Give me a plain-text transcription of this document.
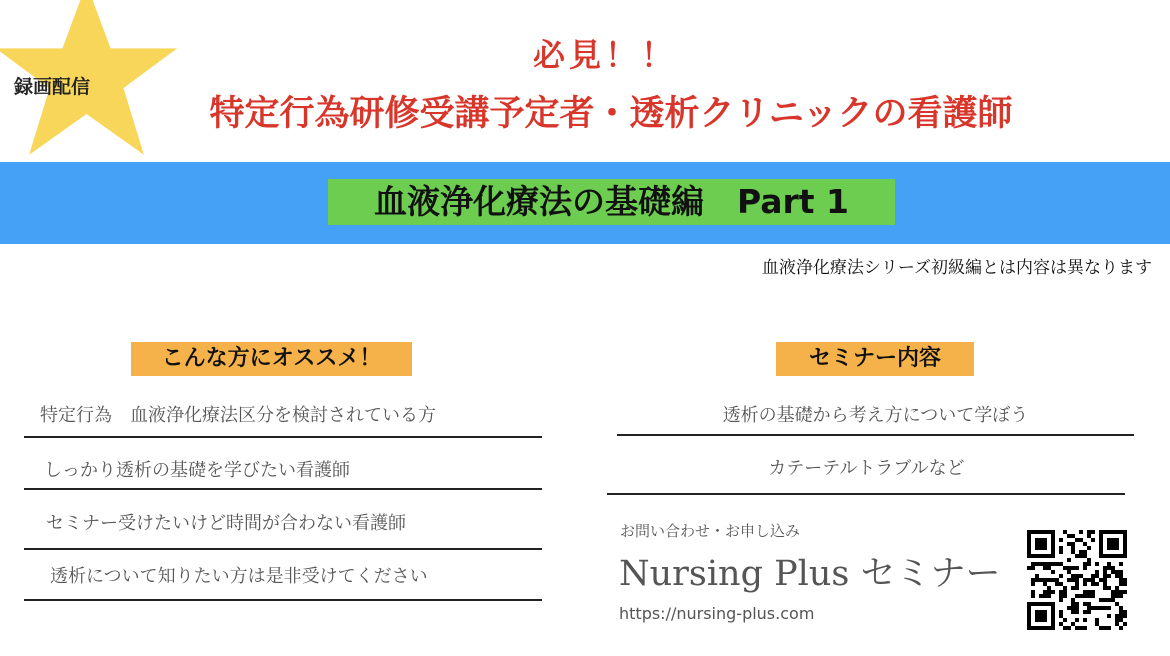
録画配信
必見！！
特定行為研修受講予定者・透析クリニックの看護師
血液浄化療法の基礎編　Part 1
血液浄化療法シリーズ初級編とは内容は異なります
こんな方にオススメ！
特定行為　血液浄化療法区分を検討されている方
しっかり透析の基礎を学びたい看護師
セミナー受けたいけど時間が合わない看護師
透析について知りたい方は是非受けてください
セミナー内容
透析の基礎から考え方について学ぼう
カテーテルトラブルなど
お問い合わせ・お申し込み
Nursing Plus セミナー
https://nursing-plus.com
